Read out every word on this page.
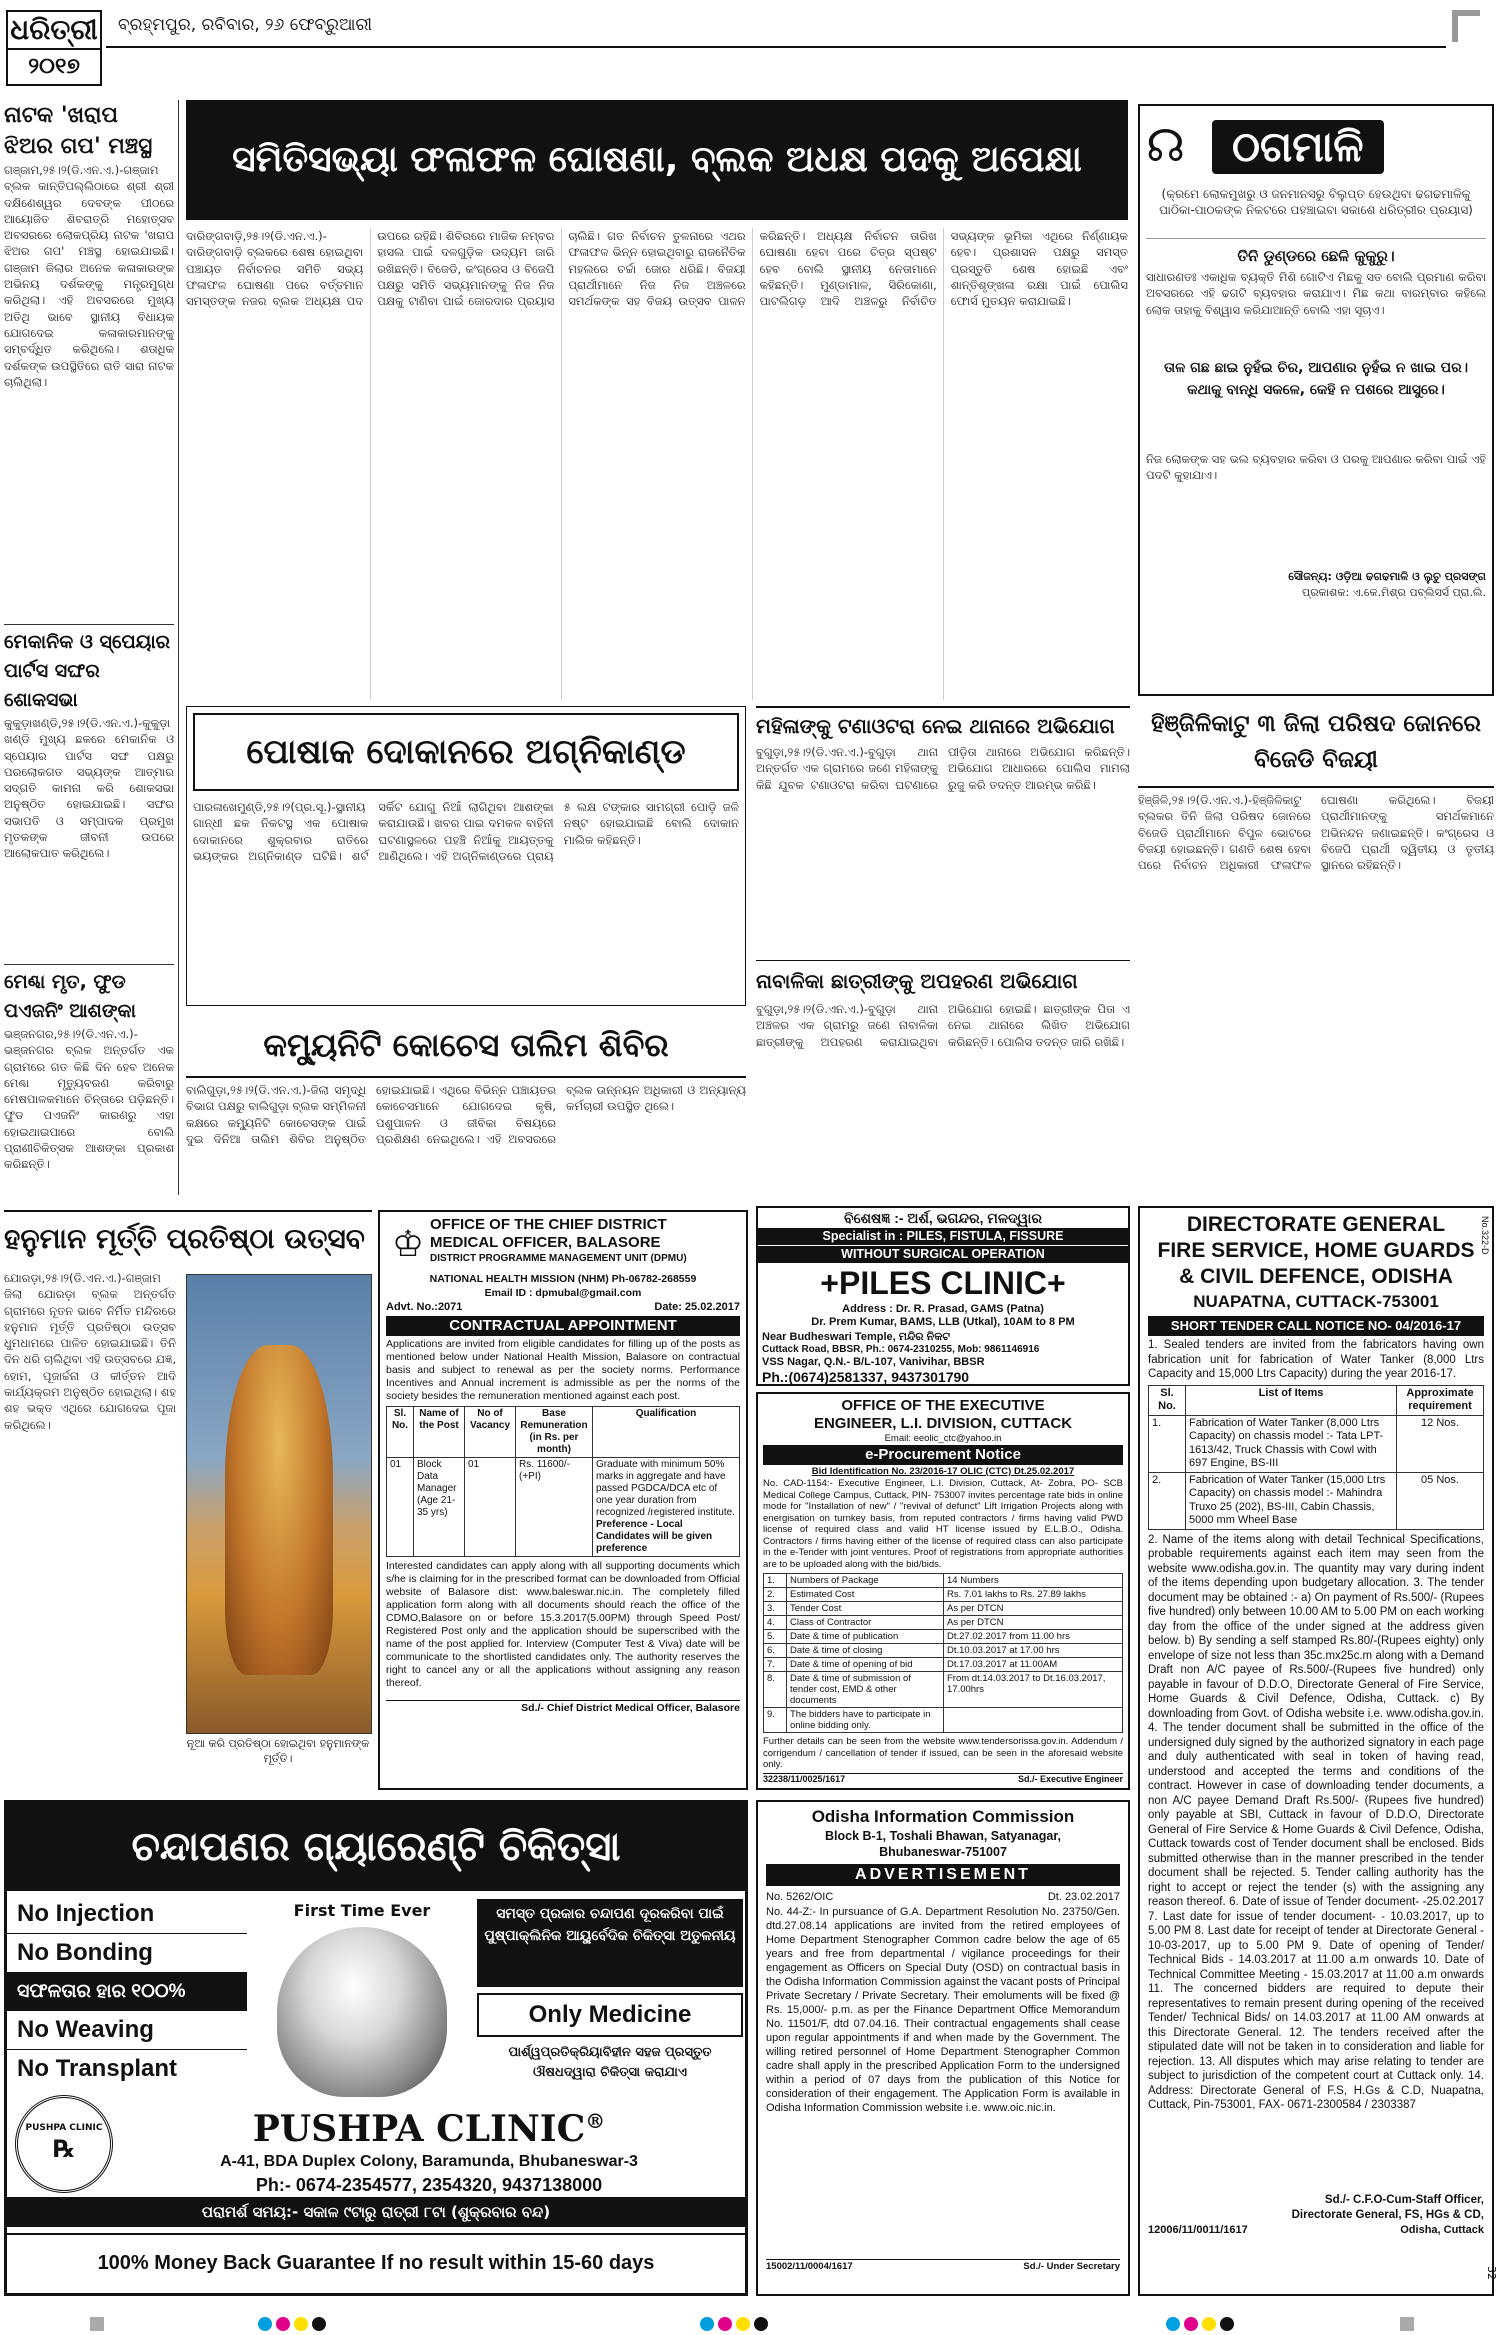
ଧରିତ୍ରୀ
୨୦୧୭
ବ୍ରହ୍ମପୁର, ରବିବାର, ୨୬ ଫେବ୍ରୁଆରୀ
ନାଟକ 'ଖରାପ ଝିଅର ଗପ' ମଞ୍ଚସ୍ଥ
ଗଞ୍ଜାମ,୨୫।୨(ଡି.ଏନ.ଏ.)-ଗଞ୍ଜାମ ବ୍ଲକ କାନ୍ତିପଲ୍ଲିଠାରେ ଶ୍ରୀ ଶ୍ରୀ ଦକ୍ଷିଣେଶ୍ୱର ଦେବଙ୍କ ପୀଠରେ ଆୟୋଜିତ ଶିବରାତ୍ରି ମହୋତ୍ସବ ଅବସରରେ ଲୋକପ୍ରିୟ ନାଟକ 'ଖରାପ ଝିଅର ଗପ' ମଞ୍ଚସ୍ଥ ହୋଇଯାଇଛି। ଗଞ୍ଜାମ ଜିଲାର ଅନେକ କଳାକାରଙ୍କ ଅଭିନୟ ଦର୍ଶକଙ୍କୁ ମନ୍ତ୍ରମୁଗ୍ଧ କରିଥିଲା। ଏହି ଅବସରରେ ମୁଖ୍ୟ ଅତିଥି ଭାବେ ସ୍ଥାନୀୟ ବିଧାୟକ ଯୋଗଦେଇ କଳାକାରମାନଙ୍କୁ ସମ୍ବର୍ଦ୍ଧିତ କରିଥିଲେ। ଶତାଧିକ ଦର୍ଶକଙ୍କ ଉପସ୍ଥିତିରେ ରାତି ସାରା ନାଟକ ଚାଲିଥିଲା।
ମେକାନିକ ଓ ସ୍ପେୟାର ପାର୍ଟସ ସଙ୍ଘର ଶୋକସଭା
କୁକୁଡ଼ାଖଣ୍ଡି,୨୫।୨(ଡି.ଏନ.ଏ.)-କୁକୁଡ଼ା ଖଣ୍ଡି ମୁଖ୍ୟ ଛକରେ ମେକାନିକ ଓ ସ୍ପେୟାର ପାର୍ଟସ ସଙ୍ଘ ପକ୍ଷରୁ ପରଲୋକଗତ ସଭ୍ୟଙ୍କ ଆତ୍ମାର ସଦ୍ଗତି କାମନା କରି ଶୋକସଭା ଅନୁଷ୍ଠିତ ହୋଇଯାଇଛି। ସଙ୍ଘର ସଭାପତି ଓ ସମ୍ପାଦକ ପ୍ରମୁଖ ମୃତକଙ୍କ ଜୀବନୀ ଉପରେ ଆଲୋକପାତ କରିଥିଲେ।
ମେଣ୍ଢା ମୃତ, ଫୁଡ ପଏଜନିଂ ଆଶଙ୍କା
ଭଞ୍ଜନଗର,୨୫।୨(ଡି.ଏନ.ଏ.)-ଭଞ୍ଜନଗର ବ୍ଲକ ଅନ୍ତର୍ଗତ ଏକ ଗ୍ରାମରେ ଗତ କିଛି ଦିନ ହେବ ଅନେକ ମେଣ୍ଢା ମୃତ୍ୟୁବରଣ କରିବାରୁ ମେଷପାଳକମାନେ ଚିନ୍ତାରେ ପଡ଼ିଛନ୍ତି। ଫୁଡ ପଏଜନିଂ କାରଣରୁ ଏହା ହୋଇଥାଇପାରେ ବୋଲି ପ୍ରାଣୀଚିକିତ୍ସକ ଆଶଙ୍କା ପ୍ରକାଶ କରିଛନ୍ତି।
ସମିତିସଭ୍ୟା ଫଳାଫଳ ଘୋଷଣା, ବ୍ଲକ ଅଧକ୍ଷ ପଦକୁ ଅପେକ୍ଷା
ଦାରିଙ୍ଗବାଡ଼ି,୨୫।୨(ଡି.ଏନ.ଏ.)-ଦାରିଙ୍ଗବାଡ଼ି ବ୍ଲକରେ ଶେଷ ହୋଇଥିବା ପଞ୍ଚାୟତ ନିର୍ବାଚନର ସମିତି ସଭ୍ୟ ଫଳାଫଳ ଘୋଷଣା ପରେ ବର୍ତ୍ତମାନ ସମସ୍ତଙ୍କ ନଜର ବ୍ଲକ ଅଧ୍ୟକ୍ଷ ପଦ ଉପରେ ରହିଛି। ଶିବିରରେ ମାଜିକ ନମ୍ବର ହାସଲ ପାଇଁ ଦଳଗୁଡ଼ିକ ଉଦ୍ୟମ ଜାରି ରଖିଛନ୍ତି। ବିଜେଡି, କଂଗ୍ରେସ ଓ ବିଜେପି ପକ୍ଷରୁ ସମିତି ସଭ୍ୟମାନଙ୍କୁ ନିଜ ନିଜ ପକ୍ଷକୁ ଟାଣିବା ପାଇଁ ଜୋରଦାର ପ୍ରୟାସ ଚାଲିଛି। ଗତ ନିର୍ବାଚନ ତୁଳନାରେ ଏଥର ଫଳାଫଳ ଭିନ୍ନ ହୋଇଥିବାରୁ ରାଜନୈତିକ ମହଲରେ ଚର୍ଚ୍ଚା ଜୋର ଧରିଛି। ବିଜୟୀ ପ୍ରାର୍ଥୀମାନେ ନିଜ ନିଜ ଅଞ୍ଚଳରେ ସମର୍ଥକଙ୍କ ସହ ବିଜୟ ଉତ୍ସବ ପାଳନ କରିଛନ୍ତି। ଅଧ୍ୟକ୍ଷ ନିର୍ବାଚନ ତାରିଖ ଘୋଷଣା ହେବା ପରେ ଚିତ୍ର ସ୍ପଷ୍ଟ ହେବ ବୋଲି ସ୍ଥାନୀୟ ନେତାମାନେ କହିଛନ୍ତି। ମୁଣ୍ଡାମାଳ, ସିରିକୋଣା, ପାଟଲିଗଡ଼ ଆଦି ଅଞ୍ଚଳରୁ ନିର୍ବାଚିତ ସଭ୍ୟଙ୍କ ଭୂମିକା ଏଥିରେ ନିର୍ଣ୍ଣାୟକ ହେବ। ପ୍ରଶାସନ ପକ୍ଷରୁ ସମସ୍ତ ପ୍ରସ୍ତୁତି ଶେଷ ହୋଇଛି ଏବଂ ଶାନ୍ତିଶୃଙ୍ଖଳା ରକ୍ଷା ପାଇଁ ପୋଲିସ ଫୋର୍ସ ମୁତୟନ କରାଯାଇଛି।
☊	ଠଗମାଳି
(କ୍ରମେ ଲୋକମୁଖରୁ ଓ ଜନମାନସରୁ ବିଲୁପ୍ତ ହେଉଥିବା ଢଗଢମାଳିକୁ ପାଠିକା-ପାଠକଙ୍କ ନିକଟରେ ପହଞ୍ଚାଇବା ସକାଶେ ଧରିତ୍ରୀର ପ୍ରୟାସ)
ତିନି ଡୁଣ୍ଡରେ ଛେଳି କୁକୁରୁ।
ସାଧାରଣତଃ ଏକାଧିକ ବ୍ୟକ୍ତି ମିଶି ଗୋଟିଏ ମିଛକୁ ସତ ବୋଲି ପ୍ରମାଣ କରିବା ଅବସରରେ ଏହି ଢଗଟି ବ୍ୟବହାର କରାଯାଏ। ମିଛ କଥା ବାରମ୍ବାର କହିଲେ ଲୋକ ତାହାକୁ ବିଶ୍ୱାସ କରିଯାଆନ୍ତି ବୋଲି ଏହା ସୂଚାଏ।
ତାଳ ଗଛ ଛାଇ ନୁହଁଇ ଚିର, ଆପଣାର ନୁହଁଇ ନ ଖାଇ ପର। କଥାକୁ ବାନ୍ଧି ସକଳେ, କେହି ନ ପଶରେ ଆସୁରେ।
ନିଜ ଲୋକଙ୍କ ସହ ଭଲ ବ୍ୟବହାର କରିବା ଓ ପରକୁ ଆପଣାର କରିବା ପାଇଁ ଏହି ପଦଟି କୁହାଯାଏ।
ସୌଜନ୍ୟ: ଓଡ଼ିଆ ଢଗଢମାଳି ଓ ଲୁଚୁ ପ୍ରସଙ୍ଗ
ପ୍ରକାଶକ: ଏ.କେ.ମିଶ୍ର ପବ୍ଲିସର୍ସ ପ୍ରା.ଲି.
ପୋଷାକ ଦୋକାନରେ ଅଗ୍ନିକାଣ୍ଡ
ପାରଳାଖେମୁଣ୍ଡି,୨୫।୨(ପ୍ର.ସୂ.)-ସ୍ଥାନୀୟ ଗାନ୍ଧୀ ଛକ ନିକଟସ୍ଥ ଏକ ପୋଷାକ ଦୋକାନରେ ଶୁକ୍ରବାର ରାତିରେ ଭୟଙ୍କର ଅଗ୍ନିକାଣ୍ଡ ଘଟିଛି। ଶର୍ଟ ସର୍କିଟ ଯୋଗୁ ନିଆଁ ଲାଗିଥିବା ଆଶଙ୍କା କରାଯାଉଛି। ଖବର ପାଇ ଦମକଳ ବାହିନୀ ଘଟଣାସ୍ଥଳରେ ପହଞ୍ଚି ନିଆଁକୁ ଆୟତ୍ତକୁ ଆଣିଥିଲେ। ଏହି ଅଗ୍ନିକାଣ୍ଡରେ ପ୍ରାୟ ୫ ଲକ୍ଷ ଟଙ୍କାର ସାମଗ୍ରୀ ପୋଡ଼ି ଜଳି ନଷ୍ଟ ହୋଇଯାଇଛି ବୋଲି ଦୋକାନ ମାଲିକ କହିଛନ୍ତି।
କମ୍ୟୁନିଟି କୋଚେସ ତାଲିମ ଶିବିର
ବାଲିଗୁଡ଼ା,୨୫।୨(ଡି.ଏନ.ଏ.)-ଜିଲା ସମୃଦ୍ଧି ବିଭାଗ ପକ୍ଷରୁ ବାଲିଗୁଡ଼ା ବ୍ଲକ ସମ୍ମିଳନୀ କକ୍ଷରେ କମ୍ୟୁନିଟି କୋଚେସଙ୍କ ପାଇଁ ଦୁଇ ଦିନିଆ ତାଲିମ ଶିବିର ଅନୁଷ୍ଠିତ ହୋଇଯାଇଛି। ଏଥିରେ ବିଭିନ୍ନ ପଞ୍ଚାୟତର କୋଚେସମାନେ ଯୋଗଦେଇ କୃଷି, ପଶୁପାଳନ ଓ ଜୀବିକା ବିଷୟରେ ପ୍ରଶିକ୍ଷଣ ନେଇଥିଲେ। ଏହି ଅବସରରେ ବ୍ଲକ ଉନ୍ନୟନ ଅଧିକାରୀ ଓ ଅନ୍ୟାନ୍ୟ କର୍ମଚାରୀ ଉପସ୍ଥିତ ଥିଲେ।
ମହିଳାଙ୍କୁ ଟଣାଓଟରା ନେଇ ଥାନାରେ ଅଭିଯୋଗ
ବୁଗୁଡ଼ା,୨୫।୨(ଡି.ଏନ.ଏ.)-ବୁଗୁଡ଼ା ଥାନା ଅନ୍ତର୍ଗତ ଏକ ଗ୍ରାମରେ ଜଣେ ମହିଳାଙ୍କୁ କିଛି ଯୁବକ ଟଣାଓଟରା କରିବା ଘଟଣାରେ ପୀଡ଼ିତା ଥାନାରେ ଅଭିଯୋଗ କରିଛନ୍ତି। ଅଭିଯୋଗ ଆଧାରରେ ପୋଲିସ ମାମଲା ରୁଜୁ କରି ତଦନ୍ତ ଆରମ୍ଭ କରିଛି।
ନାବାଳିକା ଛାତ୍ରୀଙ୍କୁ ଅପହରଣ ଅଭିଯୋଗ
ବୁଗୁଡ଼ା,୨୫।୨(ଡି.ଏନ.ଏ.)-ବୁଗୁଡ଼ା ଥାନା ଅଞ୍ଚଳର ଏକ ଗ୍ରାମରୁ ଜଣେ ନାବାଳିକା ଛାତ୍ରୀଙ୍କୁ ଅପହରଣ କରାଯାଇଥିବା ଅଭିଯୋଗ ହୋଇଛି। ଛାତ୍ରୀଙ୍କ ପିତା ଏ ନେଇ ଥାନାରେ ଲିଖିତ ଅଭିଯୋଗ କରିଛନ୍ତି। ପୋଲିସ ତଦନ୍ତ ଜାରି ରଖିଛି।
ହିଞ୍ଜିଳିକାଟୁ ୩ ଜିଲା ପରିଷଦ ଜୋନରେ ବିଜେଡି ବିଜୟୀ
ହିଞ୍ଜିଳି,୨୫।୨(ଡି.ଏନ.ଏ.)-ହିଞ୍ଜିଳିକାଟୁ ବ୍ଲକର ତିନି ଜିଲା ପରିଷଦ ଜୋନରେ ବିଜେଡି ପ୍ରାର୍ଥୀମାନେ ବିପୁଳ ଭୋଟରେ ବିଜୟୀ ହୋଇଛନ୍ତି। ଗଣତି ଶେଷ ହେବା ପରେ ନିର୍ବାଚନ ଅଧିକାରୀ ଫଳାଫଳ ଘୋଷଣା କରିଥିଲେ। ବିଜୟୀ ପ୍ରାର୍ଥୀମାନଙ୍କୁ ସମର୍ଥକମାନେ ଅଭିନନ୍ଦନ ଜଣାଇଛନ୍ତି। କଂଗ୍ରେସ ଓ ବିଜେପି ପ୍ରାର୍ଥୀ ଦ୍ୱିତୀୟ ଓ ତୃତୀୟ ସ୍ଥାନରେ ରହିଛନ୍ତି।
ହନୁମାନ ମୂର୍ତ୍ତି ପ୍ରତିଷ୍ଠା ଉତ୍ସବ
ଯୋରଡ଼ା,୨୫।୨(ଡି.ଏନ.ଏ.)-ଗଞ୍ଜାମ ଜିଲା ଯୋରଡ଼ା ବ୍ଲକ ଅନ୍ତର୍ଗତ ଗ୍ରାମରେ ନୂତନ ଭାବେ ନିର୍ମିତ ମନ୍ଦିରରେ ହନୁମାନ ମୂର୍ତ୍ତି ପ୍ରତିଷ୍ଠା ଉତ୍ସବ ଧୁମଧାମରେ ପାଳିତ ହୋଇଯାଇଛି। ତିନି ଦିନ ଧରି ଚାଲିଥିବା ଏହି ଉତ୍ସବରେ ଯଜ୍ଞ, ହୋମ, ପୂଜାର୍ଚ୍ଚନା ଓ କୀର୍ତ୍ତନ ଆଦି କାର୍ଯ୍ୟକ୍ରମ ଅନୁଷ୍ଠିତ ହୋଇଥିଲା। ଶହ ଶହ ଭକ୍ତ ଏଥିରେ ଯୋଗଦେଇ ପୂଜା କରିଥିଲେ।
ନୂଆ କରି ପ୍ରତିଷ୍ଠା ହୋଇଥିବା ହନୁମାନଙ୍କ ମୂର୍ତ୍ତି।
♔ OFFICE OF THE CHIEF DISTRICT
MEDICAL OFFICER, BALASORE
DISTRICT PROGRAMME MANAGEMENT UNIT (DPMU)
NATIONAL HEALTH MISSION (NHM) Ph-06782-268559
Email ID : dpmubal@gmail.com
Advt. No.:2071	Date: 25.02.2017
CONTRACTUAL APPOINTMENT
Applications are invited from eligible candidates for filling up of the posts as mentioned below under National Health Mission, Balasore on contractual basis and subject to renewal as per the society norms. Performance Incentives and Annual increment is admissible as per the norms of the society besides the remuneration mentioned against each post.
Sl. No.	Name of the Post	No of Vacancy	Base Remuneration (in Rs. per month)	Qualification
01	Block Data Manager (Age 21-35 yrs)	01	Rs. 11600/-(+PI)	Graduate with minimum 50% marks in aggregate and have passed PGDCA/DCA etc of one year duration from recognized /registered institute.
Preference - Local Candidates will be given preference
Interested candidates can apply along with all supporting documents which s/he is claiming for in the prescribed format can be downloaded from Official website of Balasore dist: www.baleswar.nic.in. The completely filled application form along with all documents should reach the office of the CDMO,Balasore on or before 15.3.2017(5.00PM) through Speed Post/ Registered Post only and the application should be superscribed with the name of the post applied for. Interview (Computer Test & Viva) date will be communicate to the shortlisted candidates only. The authority reserves the right to cancel any or all the applications without assigning any reason thereof.
Sd./- Chief District Medical Officer, Balasore
ବିଶେଷଜ୍ଞ :- ଅର୍ଶ, ଭଗନ୍ଦର, ମଳଦ୍ୱାର
Specialist in : PILES, FISTULA, FISSURE
WITHOUT SURGICAL OPERATION
+PILES CLINIC+
Address : Dr. R. Prasad, GAMS (Patna)
Dr. Prem Kumar, BAMS, LLB (Utkal), 10AM to 8 PM
Near Budheswari Temple, ମନ୍ଦିର ନିକଟ
Cuttack Road, BBSR, Ph.: 0674-2310255, Mob: 9861146916
VSS Nagar, Q.N.- B/L-107, Vanivihar, BBSR
Ph.:(0674)2581337, 9437301790
OFFICE OF THE EXECUTIVE
ENGINEER, L.I. DIVISION, CUTTACK
Email: eeolic_ctc@yahoo.in
e-Procurement Notice
Bid Identification No. 23/2016-17 OLIC (CTC) Dt.25.02.2017
No. CAD-1154:- Executive Engineer, L.I. Division, Cuttack, At- Zobra, PO- SCB Medical College Campus, Cuttack, PIN- 753007 invites percentage rate bids in online mode for "Installation of new" / "revival of defunct" Lift Irrigation Projects along with energisation on turnkey basis, from reputed contractors / firms having valid PWD license of required class and valid HT license issued by E.L.B.O., Odisha. Contractors / firms having either of the license of required class can also participate in the e-Tender with joint ventures. Proof of registrations from appropriate authorities are to be uploaded along with the bid/bids.
1.	Numbers of Package	14 Numbers
2.	Estimated Cost	Rs. 7.01 lakhs to Rs. 27.89 lakhs
3.	Tender Cost	As per DTCN
4.	Class of Contractor	As per DTCN
5.	Date & time of publication	Dt.27.02.2017 from 11.00 hrs
6.	Date & time of closing	Dt.10.03.2017 at 17.00 hrs
7.	Date & time of opening of bid	Dt.17.03.2017 at 11.00AM
8.	Date & time of submission of tender cost, EMD & other documents	From dt.14.03.2017 to Dt.16.03.2017, 17.00hrs
9.	The bidders have to participate in online bidding only.	
Further details can be seen from the website www.tendersorissa.gov.in. Addendum / corrigendum / cancellation of tender if issued, can be seen in the aforesaid website only.
32238/11/0025/1617	Sd./- Executive Engineer
DIRECTORATE GENERAL
FIRE SERVICE, HOME GUARDS
& CIVIL DEFENCE, ODISHA
NUAPATNA, CUTTACK-753001
No.322-D
SHORT TENDER CALL NOTICE NO- 04/2016-17
1. Sealed tenders are invited from the fabricators having own fabrication unit for fabrication of Water Tanker (8,000 Ltrs Capacity and 15,000 Ltrs Capacity) during the year 2016-17.
Sl. No.	List of Items	Approximate requirement
1.	Fabrication of Water Tanker (8,000 Ltrs Capacity) on chassis model :- Tata LPT-1613/42, Truck Chassis with Cowl with 697 Engine, BS-III	12 Nos.
2.	Fabrication of Water Tanker (15,000 Ltrs Capacity) on chassis model :- Mahindra Truxo 25 (202), BS-III, Cabin Chassis, 5000 mm Wheel Base	05 Nos.
2. Name of the items along with detail Technical Specifications, probable requirements against each item may seen from the website www.odisha.gov.in. The quantity may vary during indent of the items depending upon budgetary allocation. 3. The tender document may be obtained :- a) On payment of Rs.500/- (Rupees five hundred) only between 10.00 AM to 5.00 PM on each working day from the office of the under signed at the address given below. b) By sending a self stamped Rs.80/-(Rupees eighty) only envelope of size not less than 35c.mx25c.m along with a Demand Draft non A/C payee of Rs.500/-(Rupees five hundred) only payable in favour of D.D.O, Directorate General of Fire Service, Home Guards & Civil Defence, Odisha, Cuttack. c) By downloading from Govt. of Odisha website i.e. www.odisha.gov.in. 4. The tender document shall be submitted in the office of the undersigned duly signed by the authorized signatory in each page and duly authenticated with seal in token of having read, understood and accepted the terms and conditions of the contract. However in case of downloading tender documents, a non A/C payee Demand Draft Rs.500/- (Rupees five hundred) only payable at SBI, Cuttack in favour of D.D.O, Directorate General of Fire Service & Home Guards & Civil Defence, Odisha, Cuttack towards cost of Tender document shall be enclosed. Bids submitted otherwise than in the manner prescribed in the tender document shall be rejected. 5. Tender calling authority has the right to accept or reject the tender (s) with the assigning any reason thereof. 6. Date of issue of Tender document- -25.02.2017 7. Last date for issue of tender document- - 10.03.2017, up to 5.00 PM 8. Last date for receipt of tender at Directorate General - 10-03-2017, up to 5.00 PM 9. Date of opening of Tender/ Technical Bids - 14.03.2017 at 11.00 a.m onwards 10. Date of Technical Committee Meeting - 15.03.2017 at 11.00 a.m onwards 11. The concerned bidders are required to depute their representatives to remain present during opening of the received Tender/ Technical Bids/ on 14.03.2017 at 11.00 AM onwards at this Directorate General. 12. The tenders received after the stipulated date will not be taken in to consideration and liable for rejection. 13. All disputes which may arise relating to tender are subject to jurisdiction of the competent court at Cuttack only. 14. Address: Directorate General of F.S, H.Gs & C.D, Nuapatna, Cuttack, Pin-753001, FAX- 0671-2300584 / 2303387
Sd./- C.F.O-Cum-Staff Officer,
Directorate General, FS, HGs & CD,
12006/11/0011/1617	Odisha, Cuttack
ଚନ୍ଦାପଣର ଗ୍ୟାରେଣ୍ଟି ଚିକିତ୍ସା
No Injection
No Bonding
ସଫଳତାର ହାର ୧୦୦%
No Weaving
No Transplant
First Time Ever	ସମସ୍ତ ପ୍ରକାର ଚନ୍ଦାପଣ ଦୂରକରିବା ପାଇଁ ପୁଷ୍ପାକ୍ଲିନିକ ଆୟୁର୍ବେଦିକ ଚିକିତ୍ସା ଅତୁଳନୀୟ
Only Medicine
ପାର୍ଶ୍ୱପ୍ରତିକ୍ରିୟାବିହୀନ ସହଜ ପ୍ରସ୍ତୁତ ଔଷଧଦ୍ୱାରା ଚିକିତ୍ସା କରାଯାଏ
PUSHPA CLINIC
℞	PUSHPA CLINIC®
A-41, BDA Duplex Colony, Baramunda, Bhubaneswar-3
Ph:- 0674-2354577, 2354320, 9437138000
ପରାମର୍ଶ ସମୟ:- ସକାଳ ୯ଟାରୁ ରାତ୍ରୀ ୮ଟା (ଶୁକ୍ରବାର ବନ୍ଦ)
100% Money Back Guarantee If no result within 15-60 days
Odisha Information Commission
Block B-1, Toshali Bhawan, Satyanagar,
Bhubaneswar-751007
ADVERTISEMENT
No. 5262/OIC	Dt. 23.02.2017
No. 44-Z:- In pursuance of G.A. Department Resolution No. 23750/Gen. dtd.27.08.14 applications are invited from the retired employees of Home Department Stenographer Common cadre below the age of 65 years and free from departmental / vigilance proceedings for their engagement as Officers on Special Duty (OSD) on contractual basis in the Odisha Information Commission against the vacant posts of Principal Private Secretary / Private Secretary. Their emoluments will be fixed @ Rs. 15,000/- p.m. as per the Finance Department Office Memorandum No. 11501/F, dtd 07.04.16. Their contractual engagements shall cease upon regular appointments if and when made by the Government. The willing retired personnel of Home Department Stenographer Common cadre shall apply in the prescribed Application Form to the undersigned within a period of 07 days from the publication of this Notice for consideration of their engagement. The Application Form is available in Odisha Information Commission website i.e. www.oic.nic.in.
15002/11/0004/1617	Sd./- Under Secretary	32
